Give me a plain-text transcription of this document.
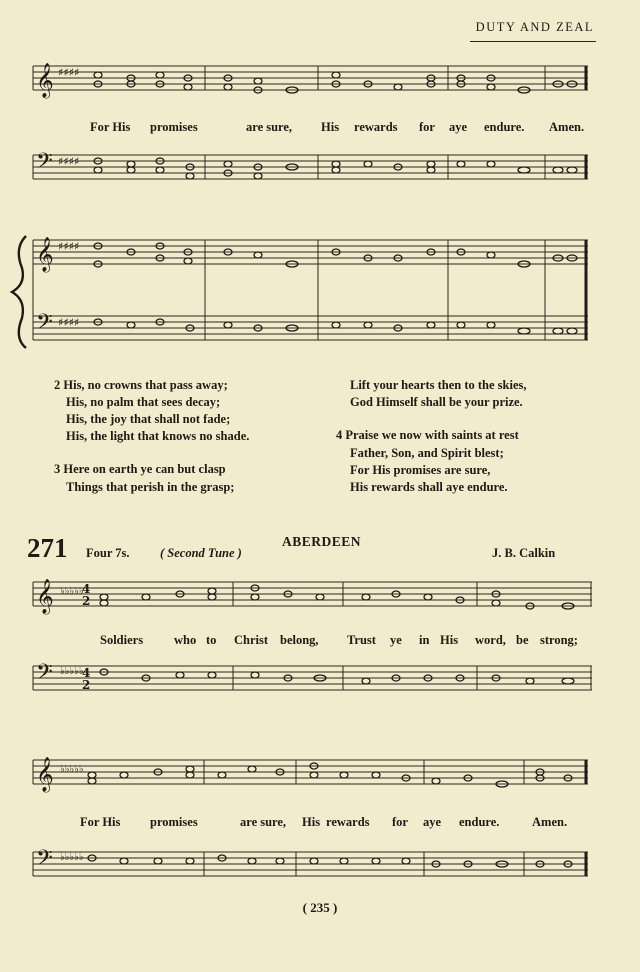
DUTY AND ZEAL
𝄞
𝄢
♯♯♯♯
♯♯♯♯
For His promises	are sure, His rewards for aye endure. Amen.
𝄞
𝄢
♯♯♯♯
♯♯♯♯
2 His, no crowns that pass away;
His, no palm that sees decay;
His, the joy that shall not fade;
His, the light that knows no shade.
3 Here on earth ye can but clasp
Things that perish in the grasp;
Lift your hearts then to the skies,
God Himself shall be your prize.
4 Praise we now with saints at rest
Father, Son, and Spirit blest;
For His promises are sure,
His rewards shall aye endure.
271 Four 7s. ( Second Tune )
ABERDEEN
J. B. Calkin
𝄞
𝄢
♭♭♭♭♭
♭♭♭♭♭
4
2
4
2
Soldiers who to Christ belong, Trust ye in His word, be strong;
𝄞
𝄢
♭♭♭♭♭
♭♭♭♭♭
For His promises	are sure, His rewards for aye endure.	Amen.
( 235 )
